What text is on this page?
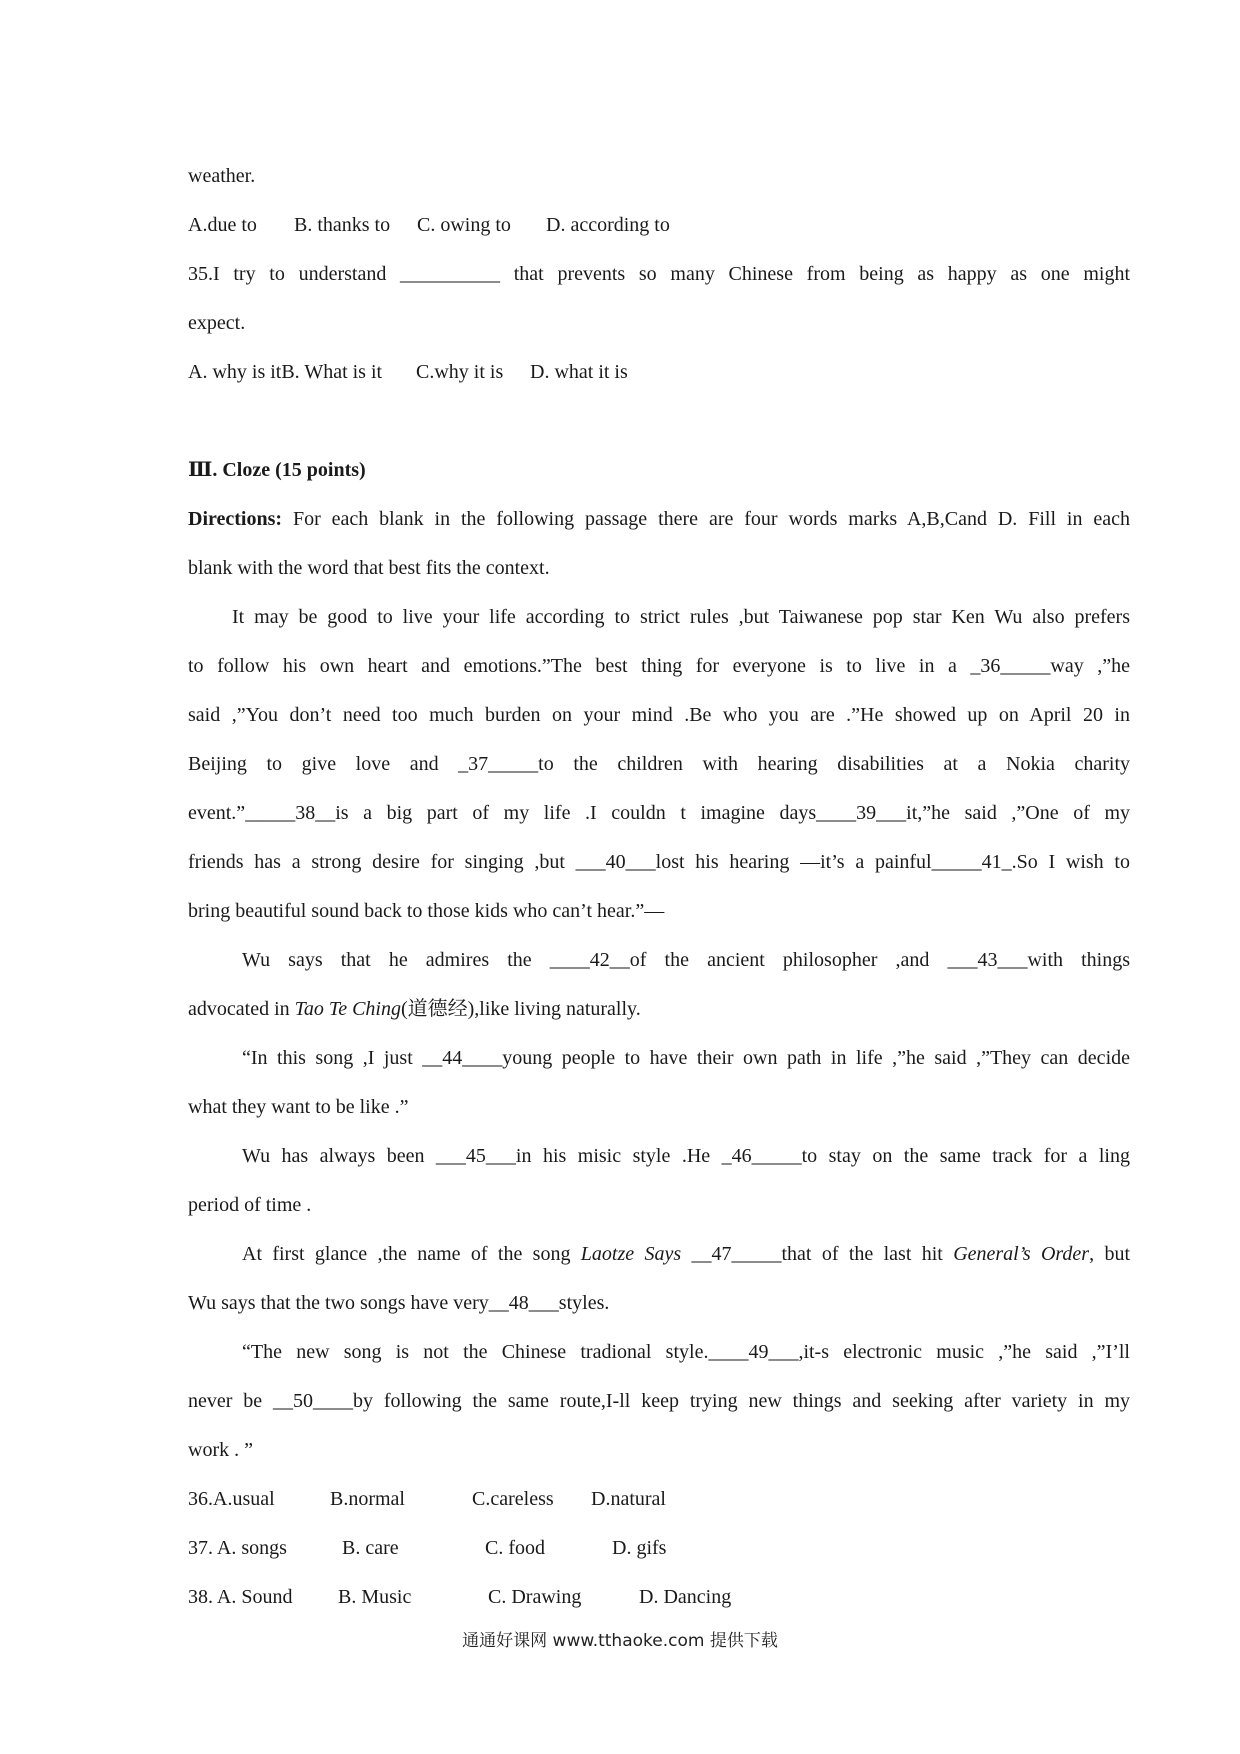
weather.

A.due to B. thanks to C. owing to D. according to

35.I try to understand __________ that prevents so many Chinese from being as happy as one might

expect.

A. why is itB. What is it C.why it is D. what it is

Ⅲ. Cloze (15 points)

Directions: For each blank in the following passage there are four words marks A,B,Cand D. Fill in each

blank with the word that best fits the context.

It may be good to live your life according to strict rules ,but Taiwanese pop star Ken Wu also prefers

to follow his own heart and emotions.”The best thing for everyone is to live in a _36_____way ,”he

said ,”You don’t need too much burden on your mind .Be who you are .”He showed up on April 20 in

Beijing to give love and _37_____to the children with hearing disabilities at a Nokia charity

event.”_____38__is a big part of my life .I couldn t imagine days____39___it,”he said ,”One of my

friends has a strong desire for singing ,but ___40___lost his hearing —it’s a painful_____41_.So I wish to

bring beautiful sound back to those kids who can’t hear.”—

Wu says that he admires the ____42__of the ancient philosopher ,and ___43___with things

advocated in Tao Te Ching(道德经),like living naturally.

“In this song ,I just __44____young people to have their own path in life ,”he said ,”They can decide

what they want to be like .”

Wu has always been ___45___in his misic style .He _46_____to stay on the same track for a ling

period of time .

At first glance ,the name of the song Laotze Says __47_____that of the last hit General’s Order, but

Wu says that the two songs have very__48___styles.

“The new song is not the Chinese tradional style.____49___,it-s electronic music ,”he said ,”I’ll

never be __50____by following the same route,I-ll keep trying new things and seeking after variety in my

work . ”

36.A.usual	B.normal	C.careless D.natural

37. A. songs	B. care	C. food	D. gifs

38. A. Sound B. Music	C. Drawing	D. Dancing

通通好课网 www.tthaoke.com 提供下载
